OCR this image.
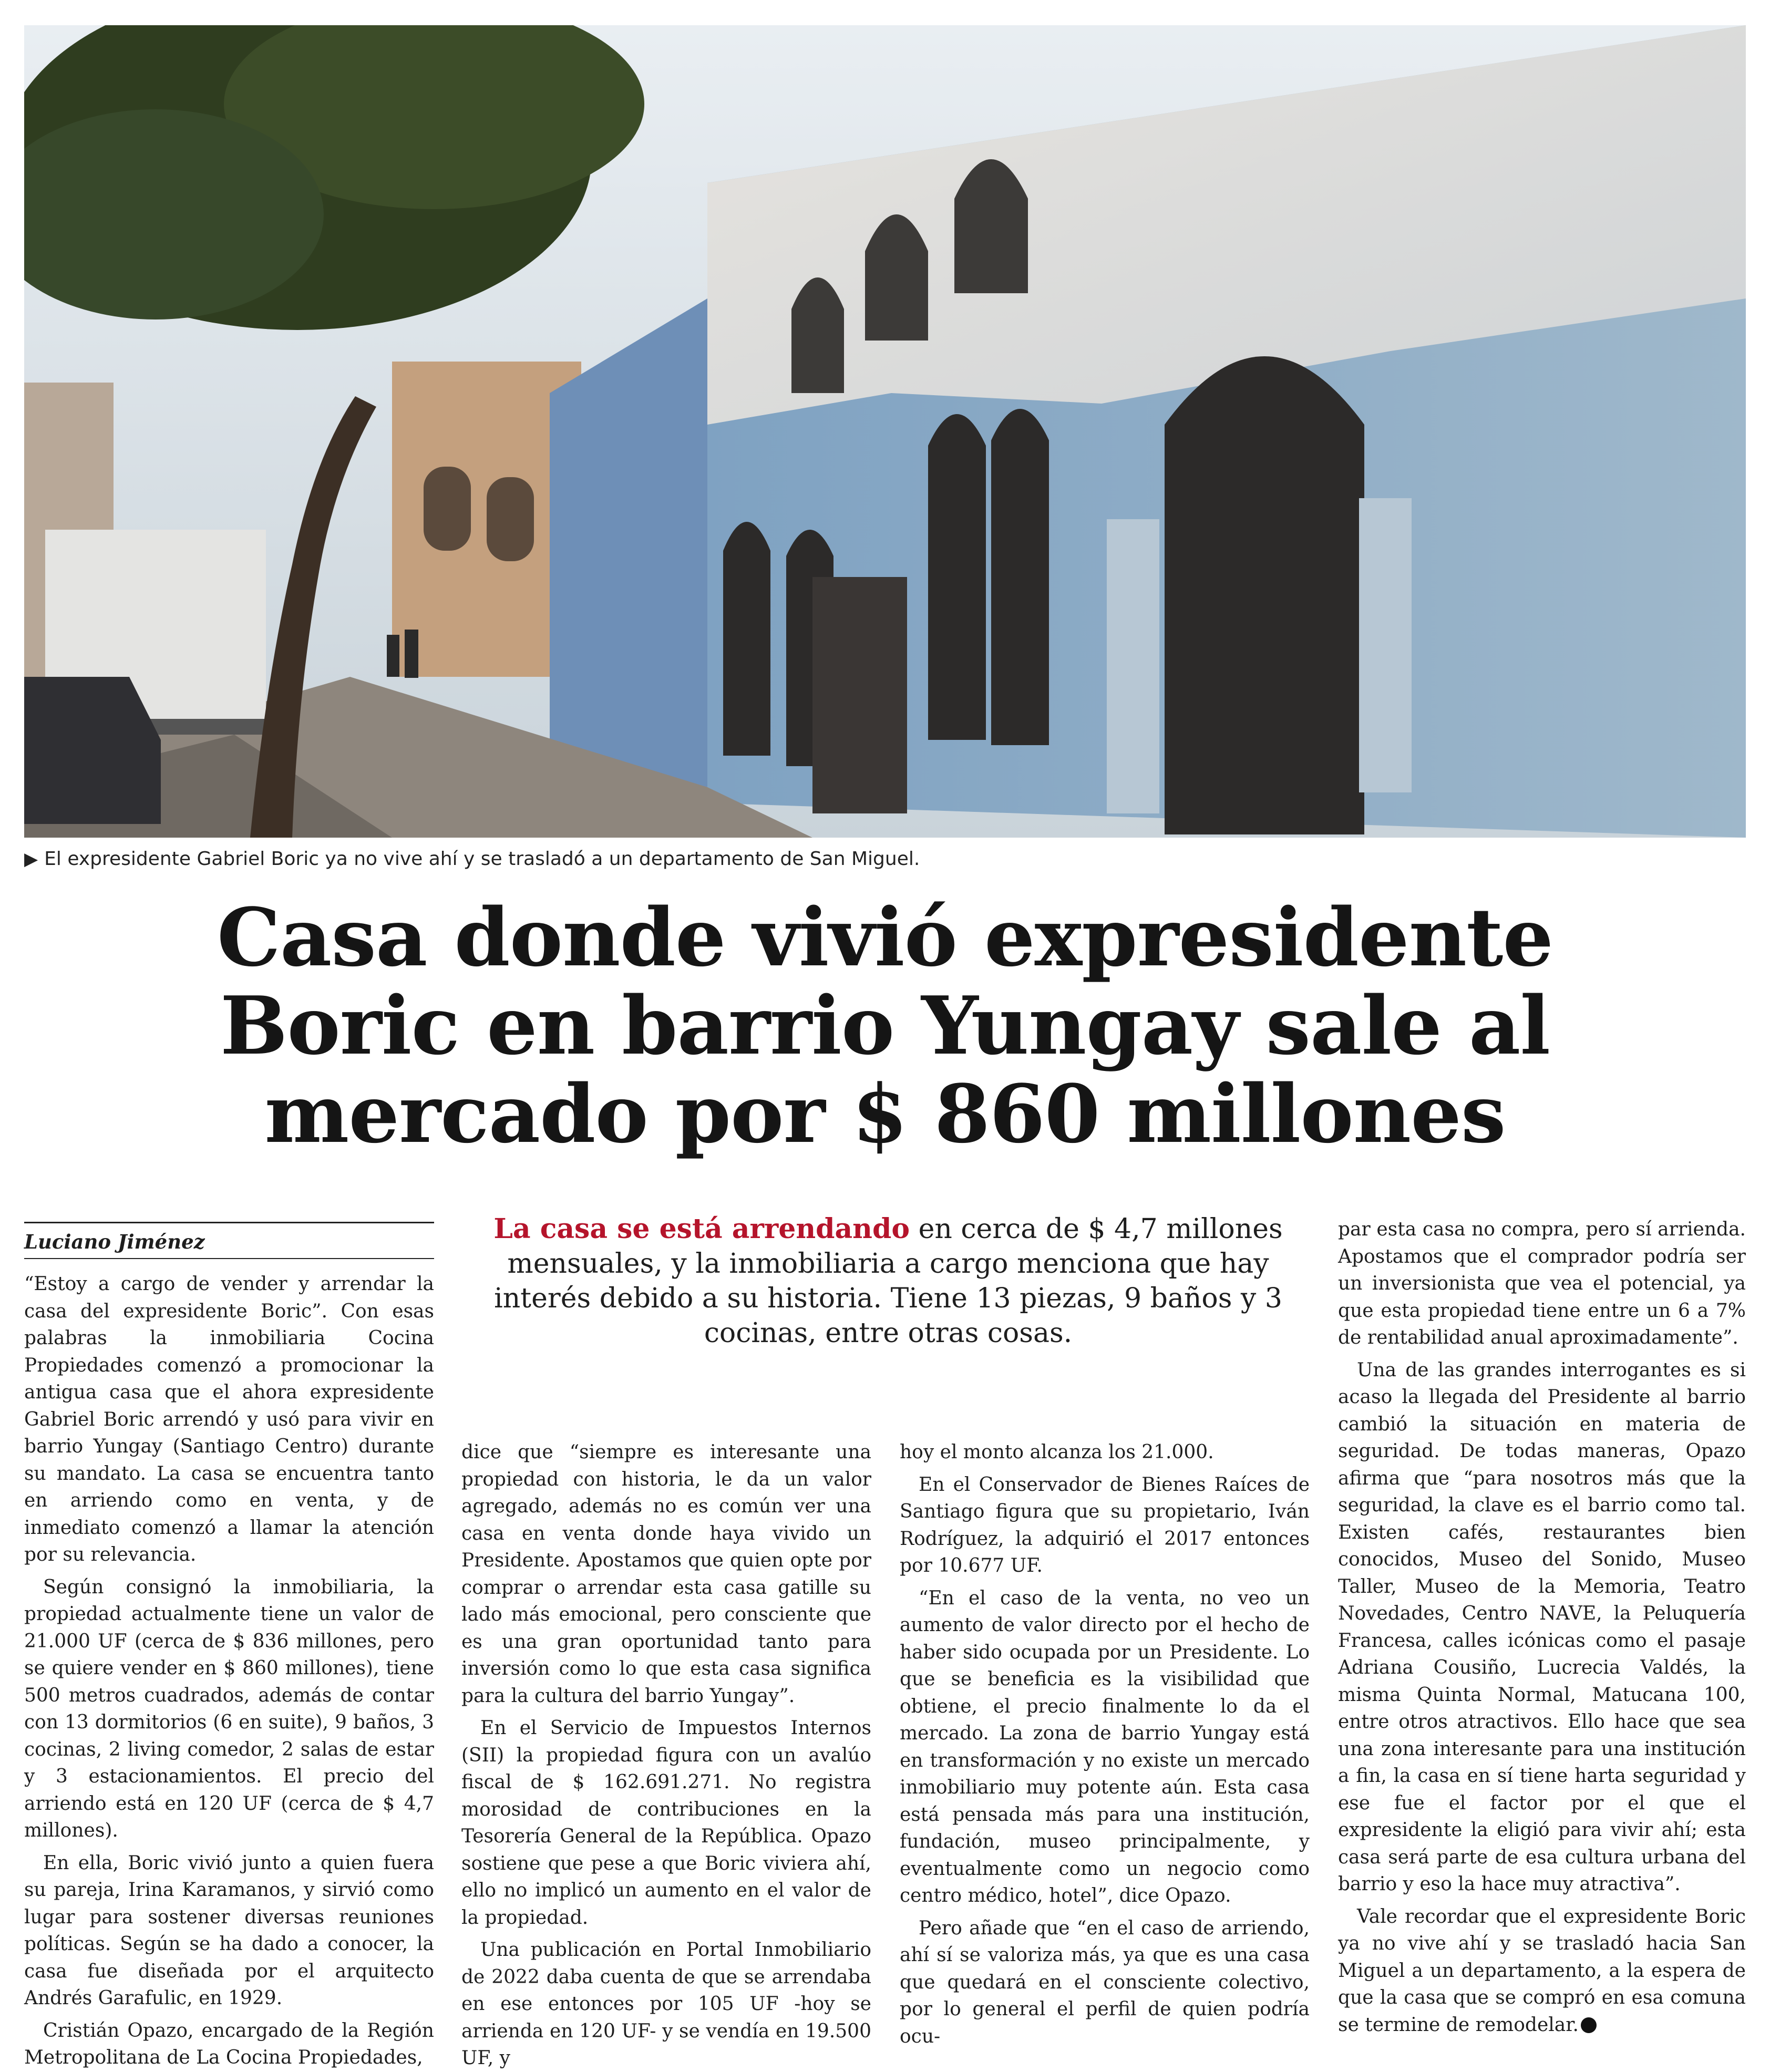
▶ El expresidente Gabriel Boric ya no vive ahí y se trasladó a un departamento de San Miguel.
Casa donde vivió expresidente
Boric en barrio Yungay sale al
mercado por $ 860 millones
Luciano Jiménez	La casa se está arrendando en cerca de $ 4,7 millones mensuales, y la inmobiliaria a cargo menciona que hay interés debido a su historia. Tiene 13 piezas, 9 baños y 3 cocinas, entre otras cosas.

“Estoy a cargo de vender y arrendar la casa del expresidente Boric”. Con esas palabras la inmobiliaria Cocina Propiedades comenzó a promocionar la antigua casa que el ahora expresidente Gabriel Boric arrendó y usó para vivir en barrio Yungay (Santiago Centro) durante su mandato. La casa se encuentra tanto en arriendo como en venta, y de inmediato comenzó a llamar la atención por su relevancia.

Según consignó la inmobiliaria, la propiedad actualmente tiene un valor de 21.000 UF (cerca de $ 836 millones, pero se quiere vender en $ 860 millones), tiene 500 metros cuadrados, además de contar con 13 dormitorios (6 en suite), 9 baños, 3 cocinas, 2 living comedor, 2 salas de estar y 3 estacionamientos. El precio del arriendo está en 120 UF (cerca de $ 4,7 millones).

En ella, Boric vivió junto a quien fuera su pareja, Irina Karamanos, y sirvió como lugar para sostener diversas reuniones políticas. Según se ha dado a conocer, la casa fue diseñada por el arquitecto Andrés Garafulic, en 1929.

Cristián Opazo, encargado de la Región Metropolitana de La Cocina Propiedades,

dice que “siempre es interesante una propiedad con historia, le da un valor agregado, además no es común ver una casa en venta donde haya vivido un Presidente. Apostamos que quien opte por comprar o arrendar esta casa gatille su lado más emocional, pero consciente que es una gran oportunidad tanto para inversión como lo que esta casa significa para la cultura del barrio Yungay”.

En el Servicio de Impuestos Internos (SII) la propiedad figura con un avalúo fiscal de $ 162.691.271. No registra morosidad de contribuciones en la Tesorería General de la República. Opazo sostiene que pese a que Boric viviera ahí, ello no implicó un aumento en el valor de la propiedad.

Una publicación en Portal Inmobiliario de 2022 daba cuenta de que se arrendaba en ese entonces por 105 UF -hoy se arrienda en 120 UF- y se vendía en 19.500 UF, y

hoy el monto alcanza los 21.000.

En el Conservador de Bienes Raíces de Santiago figura que su propietario, Iván Rodríguez, la adquirió el 2017 entonces por 10.677 UF.

“En el caso de la venta, no veo un aumento de valor directo por el hecho de haber sido ocupada por un Presidente. Lo que se beneficia es la visibilidad que obtiene, el precio finalmente lo da el mercado. La zona de barrio Yungay está en transformación y no existe un mercado inmobiliario muy potente aún. Esta casa está pensada más para una institución, fundación, museo principalmente, y eventualmente como un negocio como centro médico, hotel”, dice Opazo.

Pero añade que “en el caso de arriendo, ahí sí se valoriza más, ya que es una casa que quedará en el consciente colectivo, por lo general el perfil de quien podría ocu-

par esta casa no compra, pero sí arrienda. Apostamos que el comprador podría ser un inversionista que vea el potencial, ya que esta propiedad tiene entre un 6 a 7% de rentabilidad anual aproximadamente”.

Una de las grandes interrogantes es si acaso la llegada del Presidente al barrio cambió la situación en materia de seguridad. De todas maneras, Opazo afirma que “para nosotros más que la seguridad, la clave es el barrio como tal. Existen cafés, restaurantes bien conocidos, Museo del Sonido, Museo Taller, Museo de la Memoria, Teatro Novedades, Centro NAVE, la Peluquería Francesa, calles icónicas como el pasaje Adriana Cousiño, Lucrecia Valdés, la misma Quinta Normal, Matucana 100, entre otros atractivos. Ello hace que sea una zona interesante para una institución a fin, la casa en sí tiene harta seguridad y ese fue el factor por el que el expresidente la eligió para vivir ahí; esta casa será parte de esa cultura urbana del barrio y eso la hace muy atractiva”.

Vale recordar que el expresidente Boric ya no vive ahí y se trasladó hacia San Miguel a un departamento, a la espera de que la casa que se compró en esa comuna se termine de remodelar.
